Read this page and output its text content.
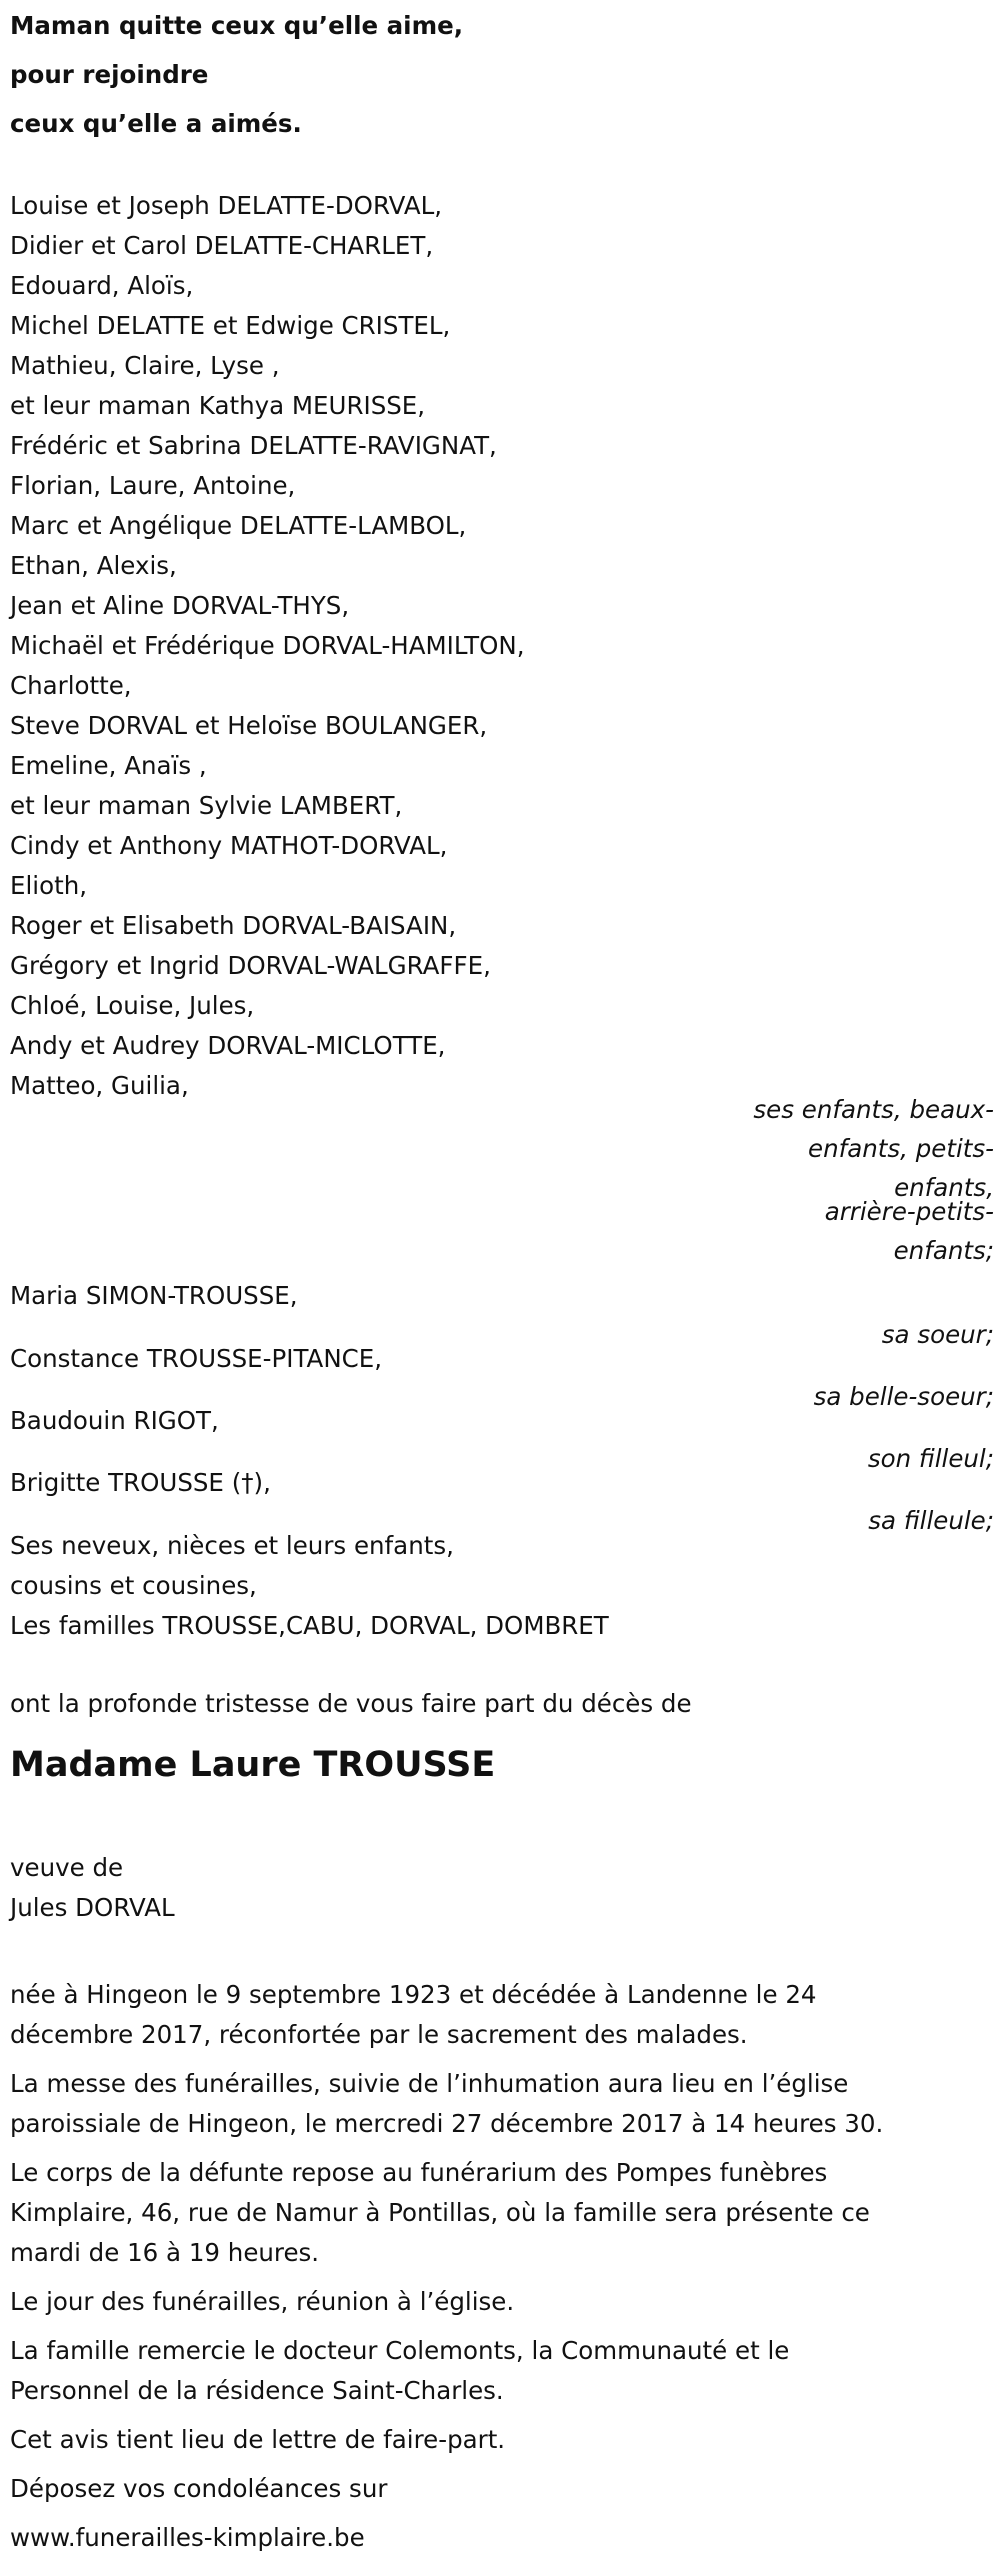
Maman quitte ceux qu’elle aime,
pour rejoindre
ceux qu’elle a aimés.
Louise et Joseph DELATTE-DORVAL,
Didier et Carol DELATTE-CHARLET,
Edouard, Aloïs,
Michel DELATTE et Edwige CRISTEL,
Mathieu, Claire, Lyse ,
et leur maman Kathya MEURISSE,
Frédéric et Sabrina DELATTE-RAVIGNAT,
Florian, Laure, Antoine,
Marc et Angélique DELATTE-LAMBOL,
Ethan, Alexis,
Jean et Aline DORVAL-THYS,
Michaël et Frédérique DORVAL-HAMILTON,
Charlotte,
Steve DORVAL et Heloïse BOULANGER,
Emeline, Anaïs ,
et leur maman Sylvie LAMBERT,
Cindy et Anthony MATHOT-DORVAL,
Elioth,
Roger et Elisabeth DORVAL-BAISAIN,
Grégory et Ingrid DORVAL-WALGRAFFE,
Chloé, Louise, Jules,
Andy et Audrey DORVAL-MICLOTTE,
Matteo, Guilia,
ses enfants, beaux-
enfants, petits-
enfants,
arrière-petits-
enfants;
Maria SIMON-TROUSSE,
sa soeur;
Constance TROUSSE-PITANCE,
sa belle-soeur;
Baudouin RIGOT,
son filleul;
Brigitte TROUSSE (†),
sa filleule;
Ses neveux, nièces et leurs enfants,
cousins et cousines,
Les familles TROUSSE,CABU, DORVAL, DOMBRET
ont la profonde tristesse de vous faire part du décès de
Madame Laure TROUSSE
veuve de
Jules DORVAL
née à Hingeon le 9 septembre 1923 et décédée à Landenne le 24
décembre 2017, réconfortée par le sacrement des malades.
La messe des funérailles, suivie de l’inhumation aura lieu en l’église
paroissiale de Hingeon, le mercredi 27 décembre 2017 à 14 heures 30.
Le corps de la défunte repose au funérarium des Pompes funèbres
Kimplaire, 46, rue de Namur à Pontillas, où la famille sera présente ce
mardi de 16 à 19 heures.
Le jour des funérailles, réunion à l’église.
La famille remercie le docteur Colemonts, la Communauté et le
Personnel de la résidence Saint-Charles.
Cet avis tient lieu de lettre de faire-part.
Déposez vos condoléances sur
www.funerailles-kimplaire.be
